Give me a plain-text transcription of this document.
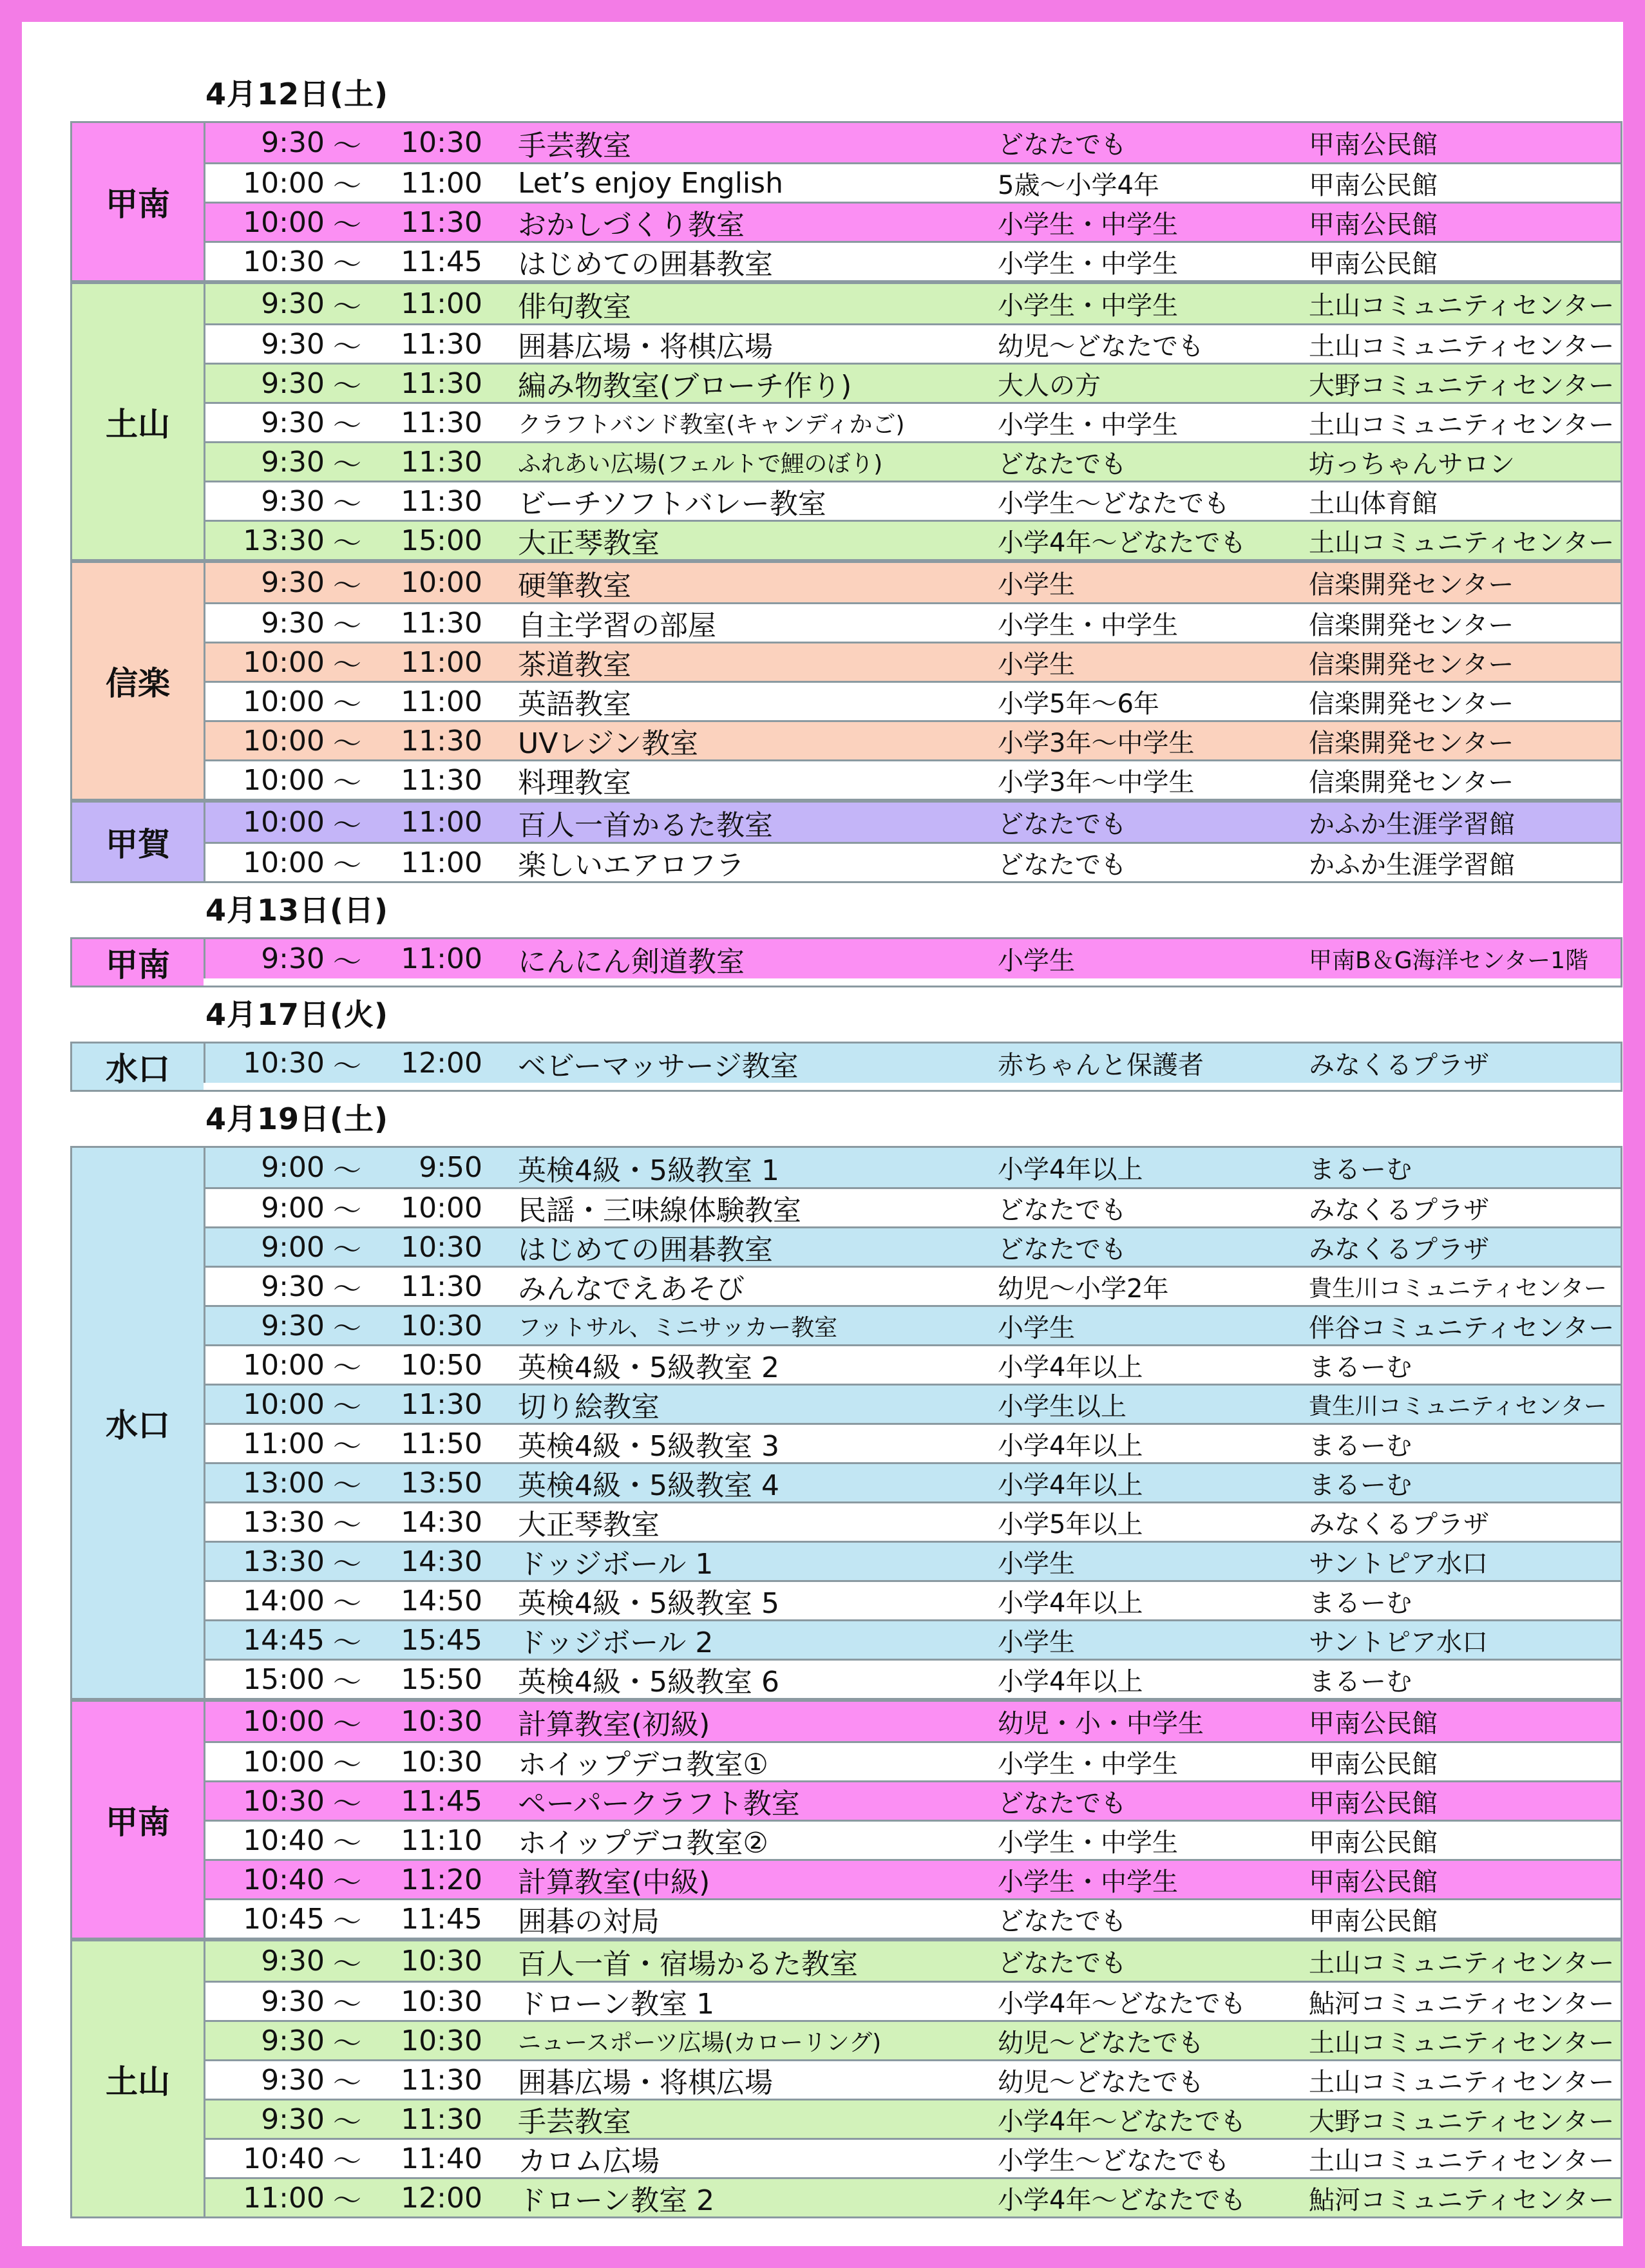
4月12日(土)
甲南
9:30 ～	10:30	手芸教室	どなたでも	甲南公民館
10:00 ～	11:00	Let’s enjoy English	5歳～小学4年	甲南公民館
10:00 ～	11:30	おかしづくり教室	小学生・中学生	甲南公民館
10:30 ～	11:45	はじめての囲碁教室	小学生・中学生	甲南公民館
土山
9:30 ～	11:00	俳句教室	小学生・中学生	土山コミュニティセンター
9:30 ～	11:30	囲碁広場・将棋広場	幼児～どなたでも	土山コミュニティセンター
9:30 ～	11:30	編み物教室(ブローチ作り)	大人の方	大野コミュニティセンター
9:30 ～	11:30	クラフトバンド教室(キャンディかご)	小学生・中学生	土山コミュニティセンター
9:30 ～	11:30	ふれあい広場(フェルトで鯉のぼり)	どなたでも	坊っちゃんサロン
9:30 ～	11:30	ビーチソフトバレー教室	小学生～どなたでも	土山体育館
13:30 ～	15:00	大正琴教室	小学4年～どなたでも	土山コミュニティセンター
信楽
9:30 ～	10:00	硬筆教室	小学生	信楽開発センター
9:30 ～	11:30	自主学習の部屋	小学生・中学生	信楽開発センター
10:00 ～	11:00	茶道教室	小学生	信楽開発センター
10:00 ～	11:00	英語教室	小学5年～6年	信楽開発センター
10:00 ～	11:30	UVレジン教室	小学3年～中学生	信楽開発センター
10:00 ～	11:30	料理教室	小学3年～中学生	信楽開発センター
甲賀
10:00 ～	11:00	百人一首かるた教室	どなたでも	かふか生涯学習館
10:00 ～	11:00	楽しいエアロフラ	どなたでも	かふか生涯学習館
4月13日(日)
甲南	9:30 ～	11:00	にんにん剣道教室	小学生	甲南B＆G海洋センター1階
4月17日(火)
水口	10:30 ～	12:00	ベビーマッサージ教室	赤ちゃんと保護者	みなくるプラザ
4月19日(土)
水口
9:00 ～	9:50	英検4級・5級教室 1	小学4年以上	まるーむ
9:00 ～	10:00	民謡・三味線体験教室	どなたでも	みなくるプラザ
9:00 ～	10:30	はじめての囲碁教室	どなたでも	みなくるプラザ
9:30 ～	11:30	みんなでえあそび	幼児～小学2年	貴生川コミュニティセンター
9:30 ～	10:30	フットサル、ミニサッカー教室	小学生	伴谷コミュニティセンター
10:00 ～	10:50	英検4級・5級教室 2	小学4年以上	まるーむ
10:00 ～	11:30	切り絵教室	小学生以上	貴生川コミュニティセンター
11:00 ～	11:50	英検4級・5級教室 3	小学4年以上	まるーむ
13:00 ～	13:50	英検4級・5級教室 4	小学4年以上	まるーむ
13:30 ～	14:30	大正琴教室	小学5年以上	みなくるプラザ
13:30 ～	14:30	ドッジボール 1	小学生	サントピア水口
14:00 ～	14:50	英検4級・5級教室 5	小学4年以上	まるーむ
14:45 ～	15:45	ドッジボール 2	小学生	サントピア水口
15:00 ～	15:50	英検4級・5級教室 6	小学4年以上	まるーむ
甲南
10:00 ～	10:30	計算教室(初級)	幼児・小・中学生	甲南公民館
10:00 ～	10:30	ホイップデコ教室①	小学生・中学生	甲南公民館
10:30 ～	11:45	ペーパークラフト教室	どなたでも	甲南公民館
10:40 ～	11:10	ホイップデコ教室②	小学生・中学生	甲南公民館
10:40 ～	11:20	計算教室(中級)	小学生・中学生	甲南公民館
10:45 ～	11:45	囲碁の対局	どなたでも	甲南公民館
土山
9:30 ～	10:30	百人一首・宿場かるた教室	どなたでも	土山コミュニティセンター
9:30 ～	10:30	ドローン教室 1	小学4年～どなたでも	鮎河コミュニティセンター
9:30 ～	10:30	ニュースポーツ広場(カローリング)	幼児～どなたでも	土山コミュニティセンター
9:30 ～	11:30	囲碁広場・将棋広場	幼児～どなたでも	土山コミュニティセンター
9:30 ～	11:30	手芸教室	小学4年～どなたでも	大野コミュニティセンター
10:40 ～	11:40	カロム広場	小学生～どなたでも	土山コミュニティセンター
11:00 ～	12:00	ドローン教室 2	小学4年～どなたでも	鮎河コミュニティセンター
